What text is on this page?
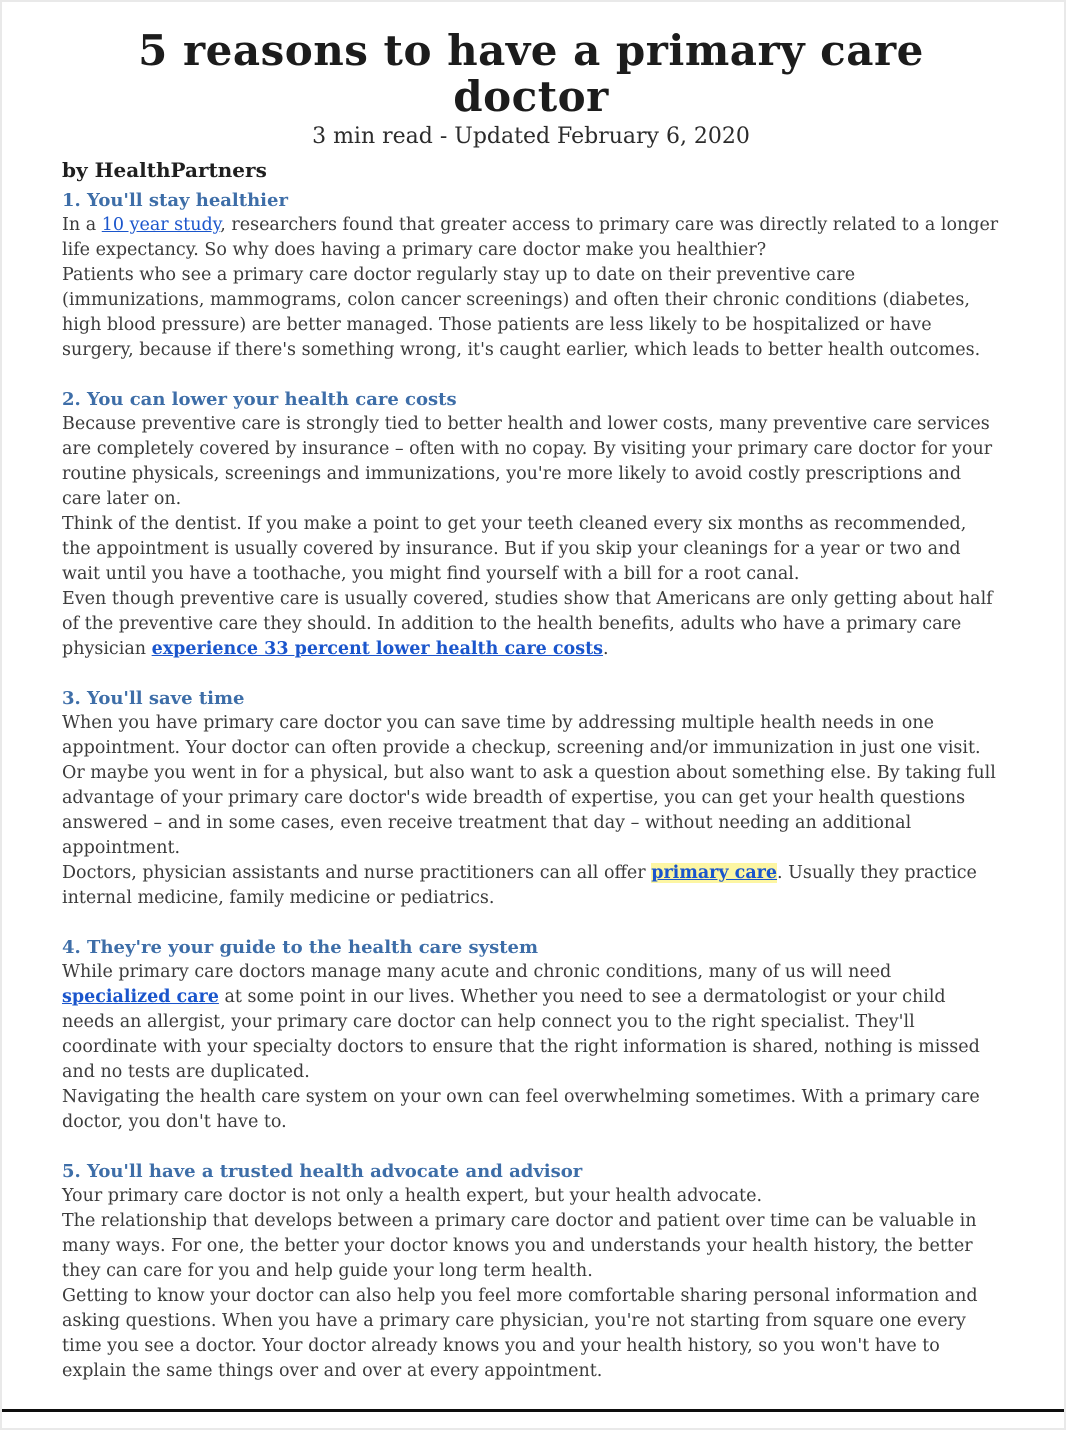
5 reasons to have a primary care doctor

3 min read - Updated February 6, 2020

by HealthPartners

1. You'll stay healthier

In a 10 year study, researchers found that greater access to primary care was directly related to a longer life expectancy. So why does having a primary care doctor make you healthier?

Patients who see a primary care doctor regularly stay up to date on their preventive care (immunizations, mammograms, colon cancer screenings) and often their chronic conditions (diabetes, high blood pressure) are better managed. Those patients are less likely to be hospitalized or have surgery, because if there's something wrong, it's caught earlier, which leads to better health outcomes.

2. You can lower your health care costs

Because preventive care is strongly tied to better health and lower costs, many preventive care services are completely covered by insurance – often with no copay. By visiting your primary care doctor for your routine physicals, screenings and immunizations, you're more likely to avoid costly prescriptions and care later on.

Think of the dentist. If you make a point to get your teeth cleaned every six months as recommended, the appointment is usually covered by insurance. But if you skip your cleanings for a year or two and wait until you have a toothache, you might find yourself with a bill for a root canal.

Even though preventive care is usually covered, studies show that Americans are only getting about half of the preventive care they should. In addition to the health benefits, adults who have a primary care physician experience 33 percent lower health care costs.

3. You'll save time

When you have primary care doctor you can save time by addressing multiple health needs in one appointment. Your doctor can often provide a checkup, screening and/or immunization in just one visit. Or maybe you went in for a physical, but also want to ask a question about something else. By taking full advantage of your primary care doctor's wide breadth of expertise, you can get your health questions answered – and in some cases, even receive treatment that day – without needing an additional appointment.

Doctors, physician assistants and nurse practitioners can all offer primary care. Usually they practice internal medicine, family medicine or pediatrics.

4. They're your guide to the health care system

While primary care doctors manage many acute and chronic conditions, many of us will need specialized care at some point in our lives. Whether you need to see a dermatologist or your child needs an allergist, your primary care doctor can help connect you to the right specialist. They'll coordinate with your specialty doctors to ensure that the right information is shared, nothing is missed and no tests are duplicated.

Navigating the health care system on your own can feel overwhelming sometimes. With a primary care doctor, you don't have to.

5. You'll have a trusted health advocate and advisor

Your primary care doctor is not only a health expert, but your health advocate.

The relationship that develops between a primary care doctor and patient over time can be valuable in many ways. For one, the better your doctor knows you and understands your health history, the better they can care for you and help guide your long term health.

Getting to know your doctor can also help you feel more comfortable sharing personal information and asking questions. When you have a primary care physician, you're not starting from square one every time you see a doctor. Your doctor already knows you and your health history, so you won't have to explain the same things over and over at every appointment.
